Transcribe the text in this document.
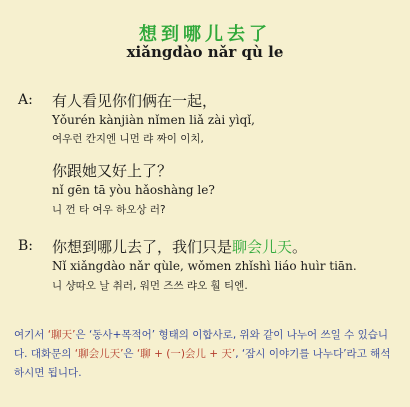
想到哪儿去了
xiǎngdào nǎr qù le
A: 有人看见你们俩在一起，
Yǒurén kànjiàn nǐmen liǎ zài yìqǐ,
여우런 칸지엔 니먼 랴 짜이 이치,
你跟她又好上了？
nǐ gēn tā yòu hǎoshàng le?
니 껀 타 여우 하오상 러?
B: 你想到哪儿去了，我们只是聊会儿天。
Nǐ xiǎngdào nǎr qùle, wǒmen zhǐshì liáo huìr tiān.
니 샹따오 날 취러, 워먼 즈쓰 랴오 훨 티엔.
여기서 ‘聊天’은 ‘동사+목적어’ 형태의 이합사로, 위와 같이 나누어 쓰일 수 있습니다. 대화문의 ‘聊会儿天’은 ‘聊 + (一)会儿 + 天’, ‘잠시 이야기를 나누다’라고 해석하시면 됩니다.
